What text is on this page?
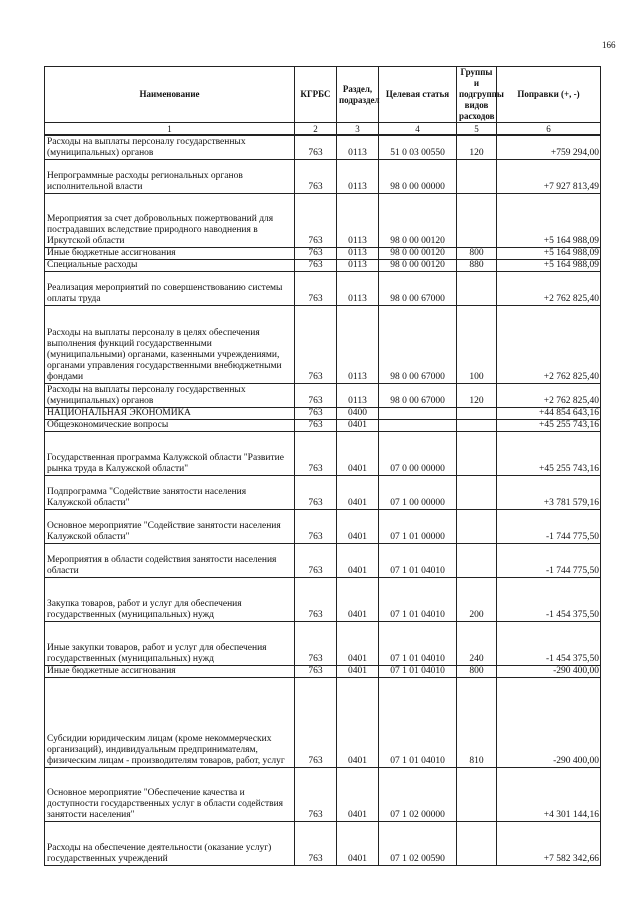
166
Наименование	КГРБС	Раздел, подраздел	Целевая статья	Группы и подгруппы видов расходов	Поправки (+, -)
1	2	3	4	5	6
Расходы на выплаты персоналу государственных (муниципальных) органов	763	0113	51 0 03 00550	120	+759 294,00
Непрограммные расходы региональных органов исполнительной власти	763	0113	98 0 00 00000		+7 927 813,49
Мероприятия за счет добровольных пожертвований для пострадавших вследствие природного наводнения в Иркутской области	763	0113	98 0 00 00120		+5 164 988,09
Иные бюджетные ассигнования	763	0113	98 0 00 00120	800	+5 164 988,09
Специальные расходы	763	0113	98 0 00 00120	880	+5 164 988,09
Реализация мероприятий по совершенствованию системы оплаты труда	763	0113	98 0 00 67000		+2 762 825,40
Расходы на выплаты персоналу в целях обеспечения выполнения функций государственными (муниципальными) органами, казенными учреждениями, органами управления государственными внебюджетными фондами	763	0113	98 0 00 67000	100	+2 762 825,40
Расходы на выплаты персоналу государственных (муниципальных) органов	763	0113	98 0 00 67000	120	+2 762 825,40
НАЦИОНАЛЬНАЯ ЭКОНОМИКА	763	0400			+44 854 643,16
Общеэкономические вопросы	763	0401			+45 255 743,16
Государственная программа Калужской области "Развитие рынка труда в Калужской области"	763	0401	07 0 00 00000		+45 255 743,16
Подпрограмма "Содействие занятости населения Калужской области"	763	0401	07 1 00 00000		+3 781 579,16
Основное мероприятие "Содействие занятости населения Калужской области"	763	0401	07 1 01 00000		-1 744 775,50
Мероприятия в области содействия занятости населения области	763	0401	07 1 01 04010		-1 744 775,50
Закупка товаров, работ и услуг для обеспечения государственных (муниципальных) нужд	763	0401	07 1 01 04010	200	-1 454 375,50
Иные закупки товаров, работ и услуг для обеспечения государственных (муниципальных) нужд	763	0401	07 1 01 04010	240	-1 454 375,50
Иные бюджетные ассигнования	763	0401	07 1 01 04010	800	-290 400,00
Субсидии юридическим лицам (кроме некоммерческих организаций), индивидуальным предпринимателям, физическим лицам - производителям товаров, работ, услуг	763	0401	07 1 01 04010	810	-290 400,00
Основное мероприятие "Обеспечение качества и доступности государственных услуг в области содействия занятости населения"	763	0401	07 1 02 00000		+4 301 144,16
Расходы на обеспечение деятельности (оказание услуг) государственных учреждений	763	0401	07 1 02 00590		+7 582 342,66
